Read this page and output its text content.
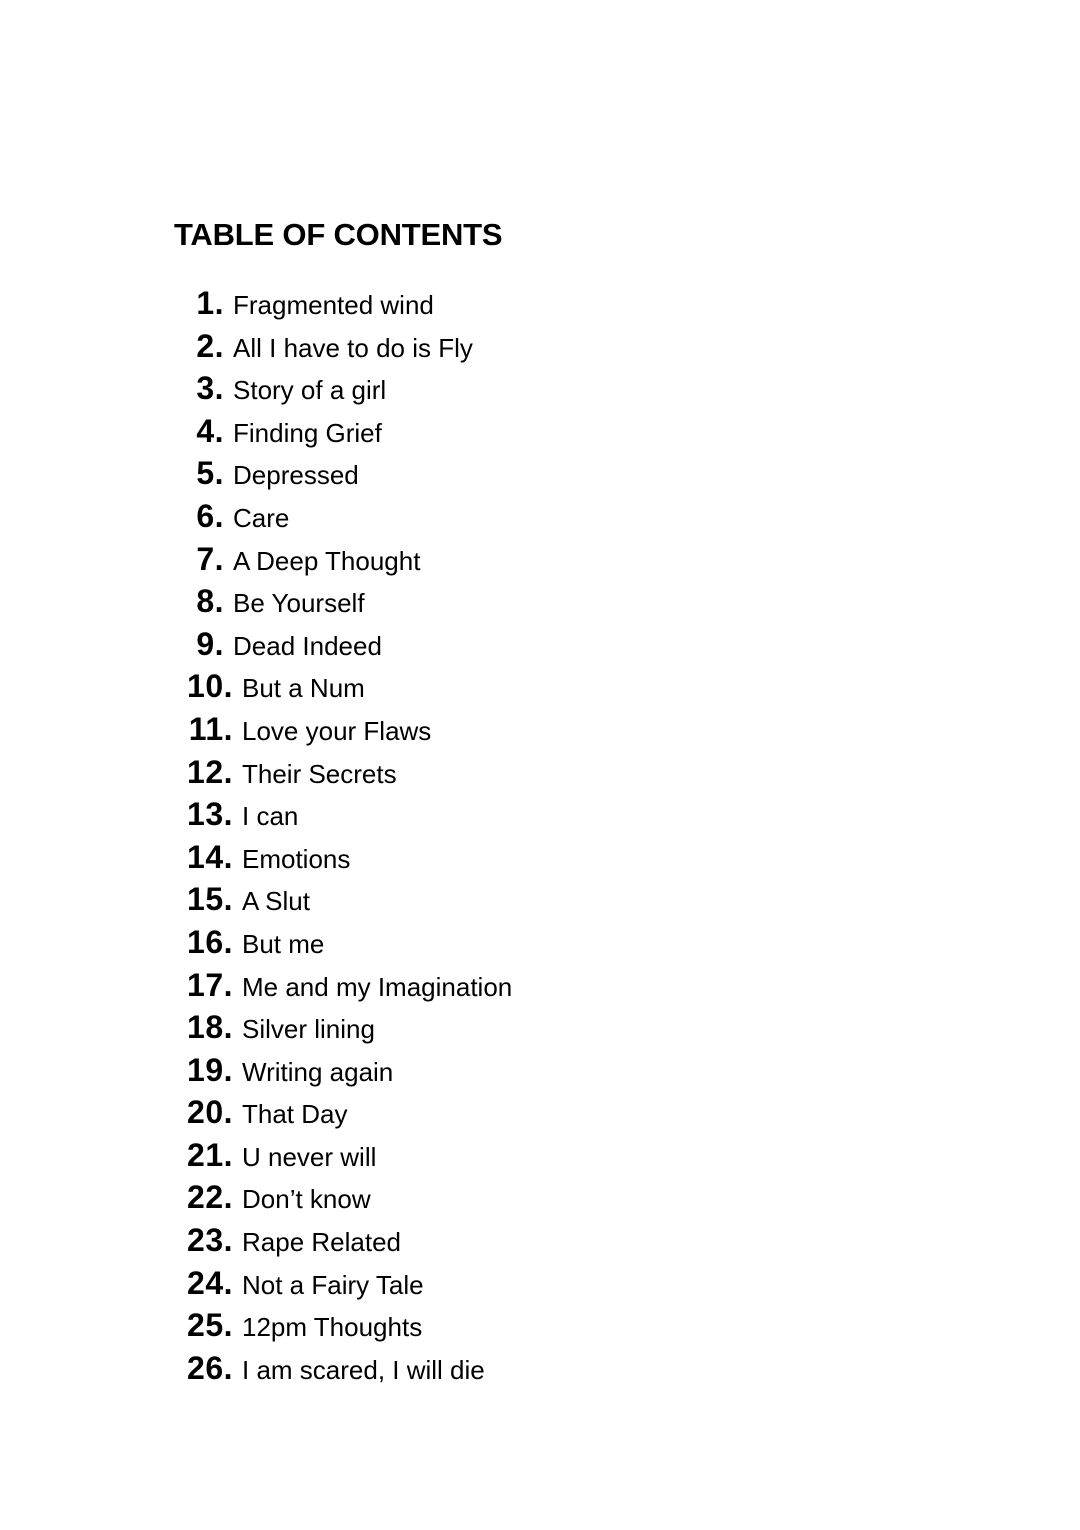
TABLE OF CONTENTS
1. Fragmented wind
2. All I have to do is Fly
3. Story of a girl
4. Finding Grief
5. Depressed
6. Care
7. A Deep Thought
8. Be Yourself
9. Dead Indeed
10. But a Num
11. Love your Flaws
12. Their Secrets
13. I can
14. Emotions
15. A Slut
16. But me
17. Me and my Imagination
18. Silver lining
19. Writing again
20. That Day
21. U never will
22. Don’t know
23. Rape Related
24. Not a Fairy Tale
25. 12pm Thoughts
26. I am scared, I will die
